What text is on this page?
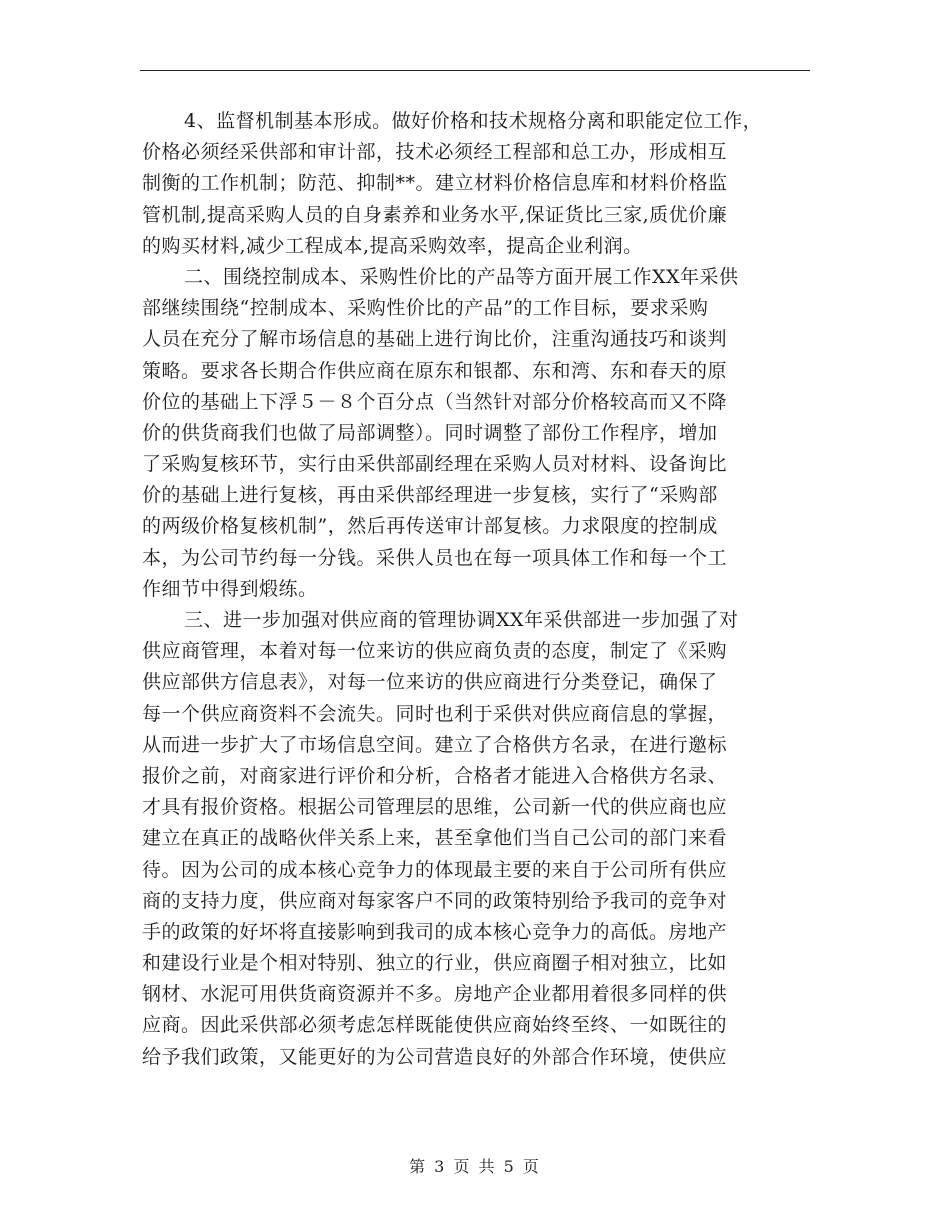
4、监督机制基本形成。做好价格和技术规格分离和职能定位工作，
价格必须经采供部和审计部，技术必须经工程部和总工办，形成相互
制衡的工作机制；防范、抑制**。建立材料价格信息库和材料价格监
管机制,提高采购人员的自身素养和业务水平,保证货比三家,质优价廉
的购买材料,减少工程成本,提高采购效率，提高企业利润。
二、围绕控制成本、采购性价比的产品等方面开展工作XX年采供
部继续围绕“控制成本、采购性价比的产品”的工作目标，要求采购
人员在充分了解市场信息的基础上进行询比价，注重沟通技巧和谈判
策略。要求各长期合作供应商在原东和银都、东和湾、东和春天的原
价位的基础上下浮５－８个百分点（当然针对部分价格较高而又不降
价的供货商我们也做了局部调整）。同时调整了部份工作程序，增加
了采购复核环节，实行由采供部副经理在采购人员对材料、设备询比
价的基础上进行复核，再由采供部经理进一步复核，实行了“采购部
的两级价格复核机制”，然后再传送审计部复核。力求限度的控制成
本，为公司节约每一分钱。采供人员也在每一项具体工作和每一个工
作细节中得到煅练。
三、进一步加强对供应商的管理协调XX年采供部进一步加强了对
供应商管理，本着对每一位来访的供应商负责的态度，制定了《采购
供应部供方信息表》，对每一位来访的供应商进行分类登记，确保了
每一个供应商资料不会流失。同时也利于采供对供应商信息的掌握，
从而进一步扩大了市场信息空间。建立了合格供方名录，在进行邀标
报价之前，对商家进行评价和分析，合格者才能进入合格供方名录、
才具有报价资格。根据公司管理层的思维，公司新一代的供应商也应
建立在真正的战略伙伴关系上来，甚至拿他们当自己公司的部门来看
待。因为公司的成本核心竞争力的体现最主要的来自于公司所有供应
商的支持力度，供应商对每家客户不同的政策特别给予我司的竞争对
手的政策的好坏将直接影响到我司的成本核心竞争力的高低。房地产
和建设行业是个相对特别、独立的行业，供应商圈子相对独立，比如
钢材、水泥可用供货商资源并不多。房地产企业都用着很多同样的供
应商。因此采供部必须考虑怎样既能使供应商始终至终、一如既往的
给予我们政策，又能更好的为公司营造良好的外部合作环境，使供应
第 3 页 共 5 页
